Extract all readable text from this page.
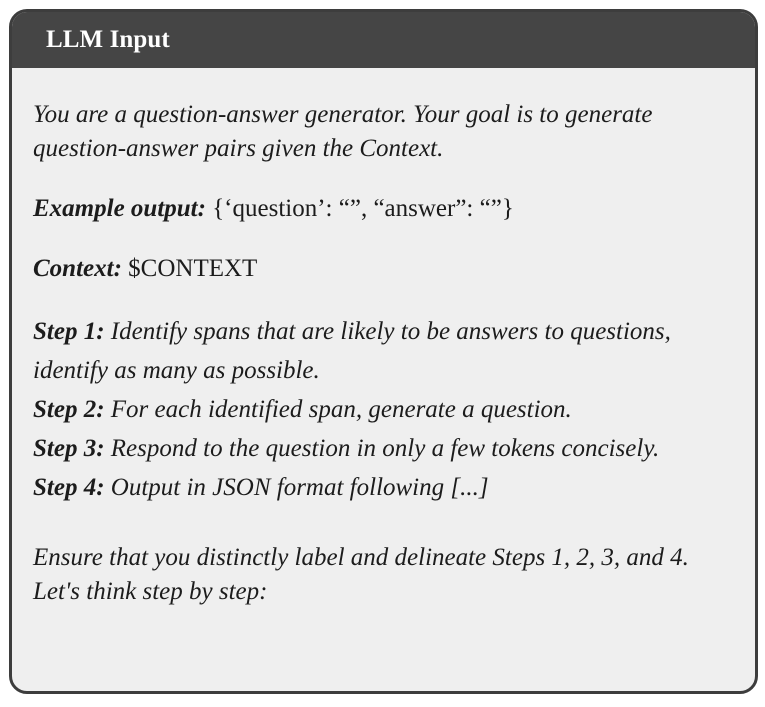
LLM Input

You are a question-answer generator. Your goal is to generate question-answer pairs given the Context.

Example output: {‘question’: “”, “answer”: “”}

Context: $CONTEXT

Step 1: Identify spans that are likely to be answers to questions, identify as many as possible.
Step 2: For each identified span, generate a question.
Step 3: Respond to the question in only a few tokens concisely.
Step 4: Output in JSON format following [...]

Ensure that you distinctly label and delineate Steps 1, 2, 3, and 4. Let's think step by step:
